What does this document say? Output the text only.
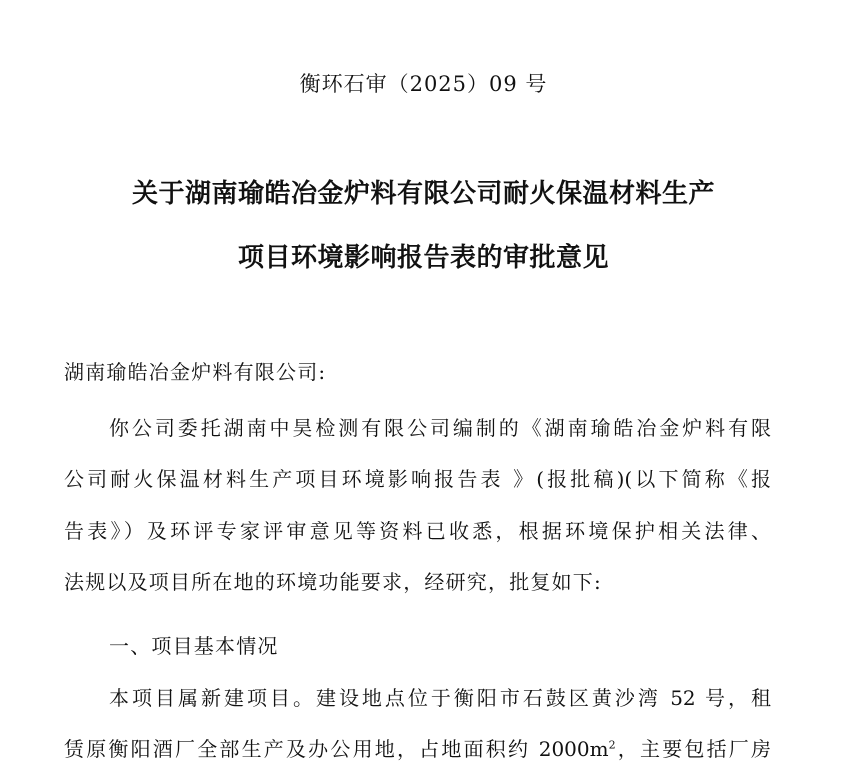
衡环石审（2025）09 号
关于湖南瑜皓冶金炉料有限公司耐火保温材料生产
项目环境影响报告表的审批意见
湖南瑜皓冶金炉料有限公司:
你公司委托湖南中昊检测有限公司编制的《湖南瑜皓冶金炉料有限
公司耐火保温材料生产项目环境影响报告表 》(报批稿)(以下简称《报
告表》）及环评专家评审意见等资料已收悉，根据环境保护相关法律、
法规以及项目所在地的环境功能要求，经研究，批复如下:
一、项目基本情况
本项目属新建项目。建设地点位于衡阳市石鼓区黄沙湾 52 号，租
赁原衡阳酒厂全部生产及办公用地，占地面积约 $2000m^2$，主要包括厂房
